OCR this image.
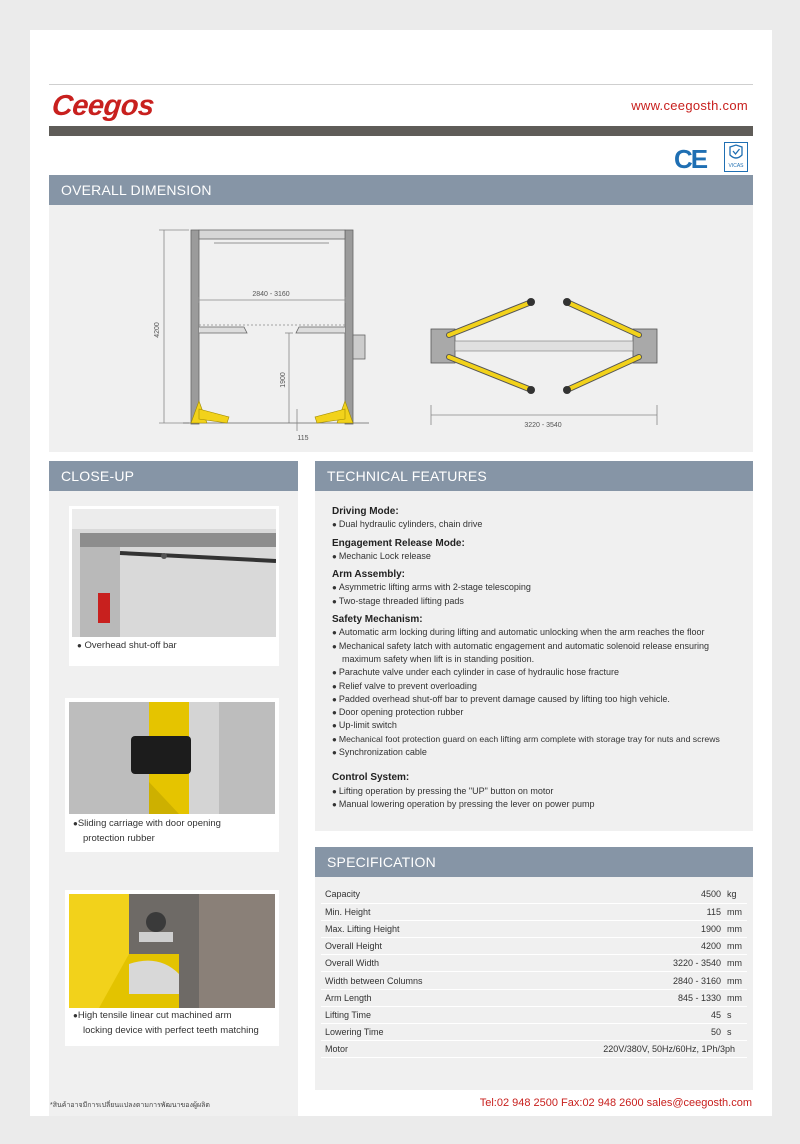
Ceegos	www.ceegosth.com
CE	VICAS
OVERALL DIMENSION
4200
2840 - 3160
1900
115
3220 - 3540
CLOSE-UP
● Overhead shut-off bar
●Sliding carriage with door opening
protection rubber
●High tensile linear cut machined arm
locking device with perfect teeth matching
TECHNICAL FEATURES
Driving Mode:
● Dual hydraulic cylinders, chain drive
Engagement Release Mode:
● Mechanic Lock release
Arm Assembly:
● Asymmetric lifting arms with 2-stage telescoping
● Two-stage threaded lifting pads
Safety Mechanism:
● Automatic arm locking during lifting and automatic unlocking when the arm reaches the floor
● Mechanical safety latch with automatic engagement and automatic solenoid release ensuring maximum safety when lift is in standing position.
● Parachute valve under each cylinder in case of hydraulic hose fracture
● Relief valve to prevent overloading
● Padded overhead shut-off bar to prevent damage caused by lifting too high vehicle.
● Door opening protection rubber
● Up-limit switch
● Mechanical foot protection guard on each lifting arm complete with storage tray for nuts and screws
● Synchronization cable
Control System:
● Lifting operation by pressing the "UP" button on motor
● Manual lowering operation by pressing the lever on power pump
SPECIFICATION
Capacity	4500	kg
Min. Height	115	mm
Max. Lifting Height	1900	mm
Overall Height	4200	mm
Overall Width	3220 - 3540	mm
Width between Columns	2840 - 3160	mm
Arm Length	845 - 1330	mm
Lifting Time	45	s
Lowering Time	50	s
Motor	220V/380V, 50Hz/60Hz, 1Ph/3ph	
*สินค้าอาจมีการเปลี่ยนแปลงตามการพัฒนาของผู้ผลิต	Tel:02 948 2500 Fax:02 948 2600 sales@ceegosth.com
